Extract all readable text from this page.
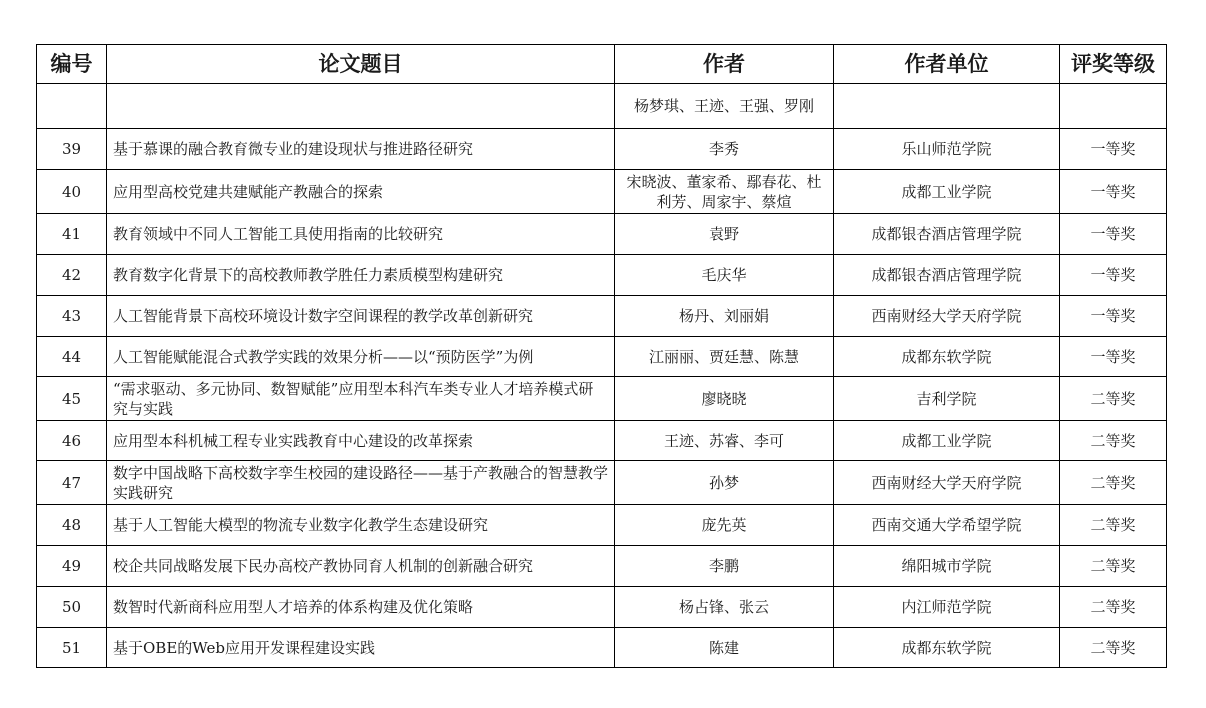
编号	论文题目	作者	作者单位	评奖等级
		杨梦琪、王迹、王强、罗刚		
39	基于慕课的融合教育微专业的建设现状与推进路径研究	李秀	乐山师范学院	一等奖
40	应用型高校党建共建赋能产教融合的探索	宋晓波、董家希、鄢春花、杜利芳、周家宇、蔡煊	成都工业学院	一等奖
41	教育领域中不同人工智能工具使用指南的比较研究	袁野	成都银杏酒店管理学院	一等奖
42	教育数字化背景下的高校教师教学胜任力素质模型构建研究	毛庆华	成都银杏酒店管理学院	一等奖
43	人工智能背景下高校环境设计数字空间课程的教学改革创新研究	杨丹、刘丽娟	西南财经大学天府学院	一等奖
44	人工智能赋能混合式教学实践的效果分析——以“预防医学”为例	江丽丽、贾廷慧、陈慧	成都东软学院	一等奖
45	“需求驱动、多元协同、数智赋能”应用型本科汽车类专业人才培养模式研究与实践	廖晓晓	吉利学院	二等奖
46	应用型本科机械工程专业实践教育中心建设的改革探索	王迹、苏睿、李可	成都工业学院	二等奖
47	数字中国战略下高校数字孪生校园的建设路径——基于产教融合的智慧教学实践研究	孙梦	西南财经大学天府学院	二等奖
48	基于人工智能大模型的物流专业数字化教学生态建设研究	庞先英	西南交通大学希望学院	二等奖
49	校企共同战略发展下民办高校产教协同育人机制的创新融合研究	李鹏	绵阳城市学院	二等奖
50	数智时代新商科应用型人才培养的体系构建及优化策略	杨占锋、张云	内江师范学院	二等奖
51	基于OBE的Web应用开发课程建设实践	陈建	成都东软学院	二等奖
